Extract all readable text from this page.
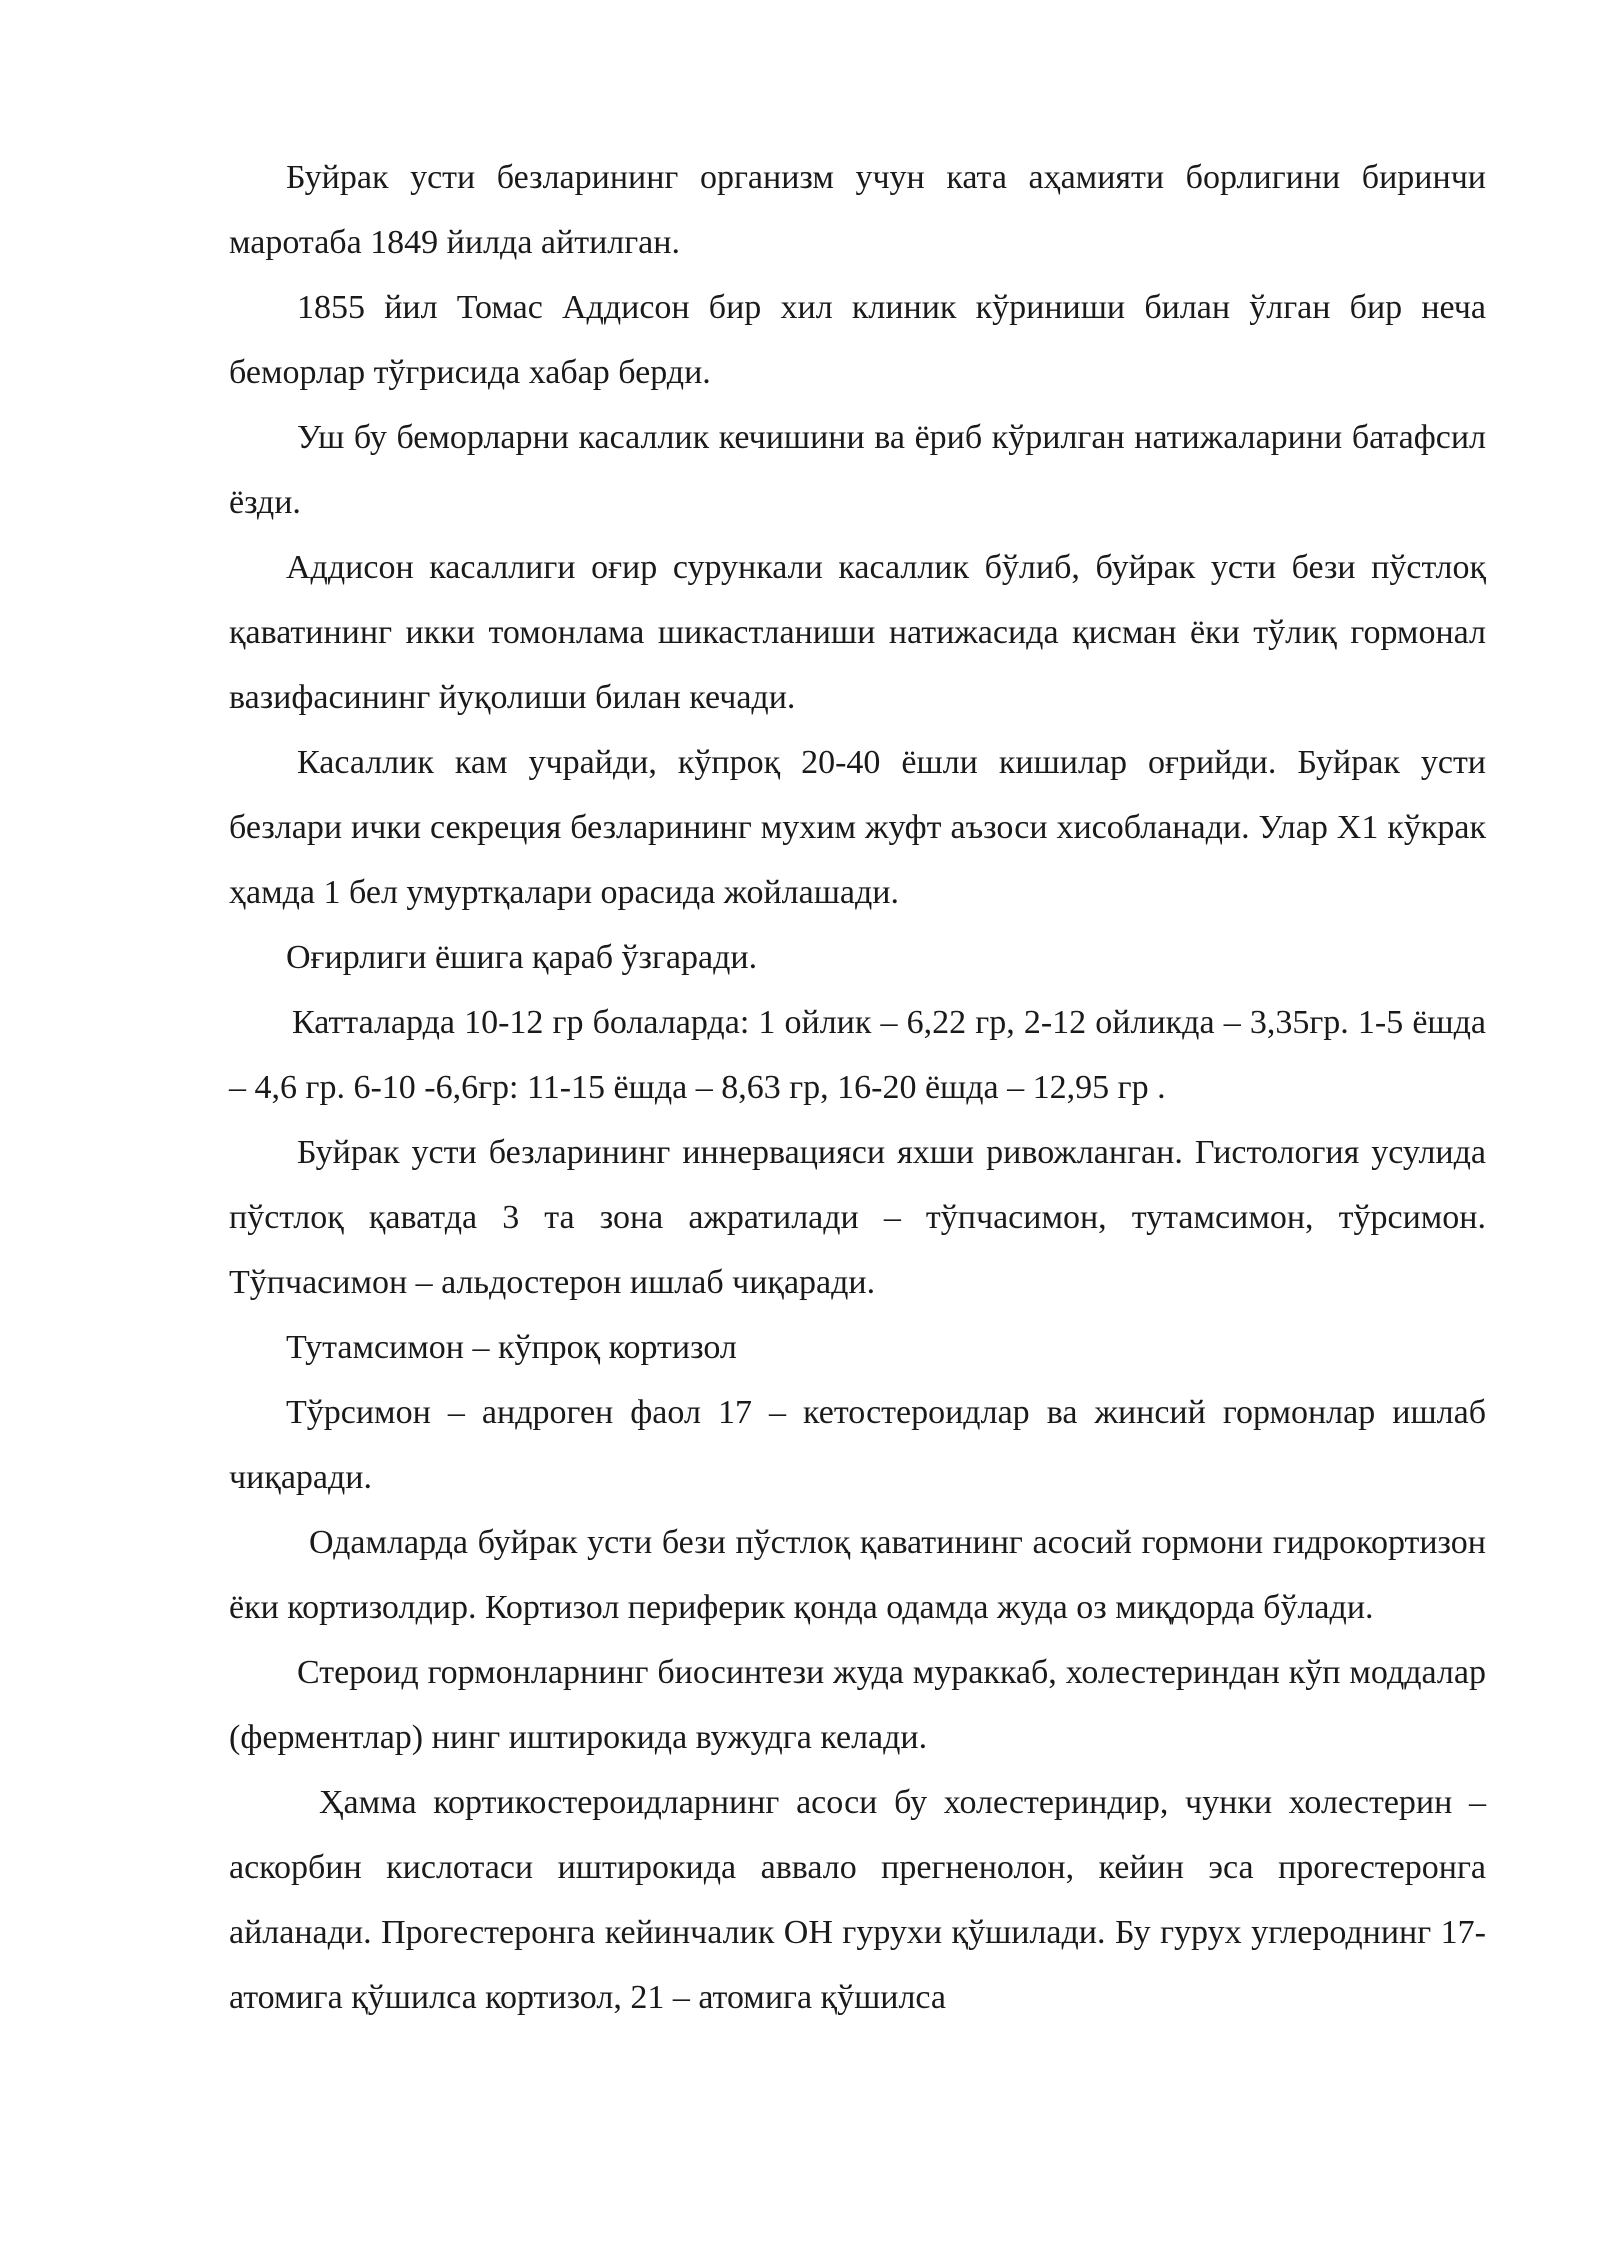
Буйрак усти безларининг организм учун ката аҳамияти борлигини биринчи маротаба 1849 йилда айтилган.

1855 йил Томас Аддисон бир хил клиник кўриниши билан ўлган бир неча беморлар тўгрисида хабар берди.

Уш бу беморларни касаллик кечишини ва ёриб кўрилган натижаларини батафсил ёзди.

Аддисон касаллиги оғир сурункали касаллик бўлиб, буйрак усти бези пўстлоқ қаватининг икки томонлама шикастланиши натижасида қисман ёки тўлиқ гормонал вазифасининг йуқолиши билан кечади.

Касаллик кам учрайди, кўпроқ 20-40 ёшли кишилар оғрийди. Буйрак усти безлари ички секреция безларининг мухим жуфт аъзоси хисобланади. Улар X1 кўкрак ҳамда 1 бел умуртқалари орасида жойлашади.

Оғирлиги ёшига қараб ўзгаради.

Катталарда 10-12 гр болаларда: 1 ойлик – 6,22 гр, 2-12 ойликда – 3,35гр. 1-5 ёшда – 4,6 гр. 6-10 -6,6гр: 11-15 ёшда – 8,63 гр, 16-20 ёшда – 12,95 гр .

Буйрак усти безларининг иннервацияси яхши ривожланган. Гистология усулида пўстлоқ қаватда 3 та зона ажратилади – тўпчасимон, тутамсимон, тўрсимон. Тўпчасимон – альдостерон ишлаб чиқаради.

Тутамсимон – кўпроқ кортизол

Тўрсимон – андроген фаол 17 – кетостероидлар ва жинсий гормонлар ишлаб чиқаради.

Одамларда буйрак усти бези пўстлоқ қаватининг асосий гормони гидрокортизон ёки кортизолдир. Кортизол периферик қонда одамда жуда оз миқдорда бўлади.

Стероид гормонларнинг биосинтези жуда мураккаб, холестериндан кўп моддалар (ферментлар) нинг иштирокида вужудга келади.

Ҳамма кортикостероидларнинг асоси бу холестериндир, чунки холестерин – аскорбин кислотаси иштирокида аввало прегненолон, кейин эса прогестеронга айланади. Прогестеронга кейинчалик OH гурухи қўшилади. Бу гурух углероднинг 17- атомига қўшилса кортизол, 21 – атомига қўшилса
